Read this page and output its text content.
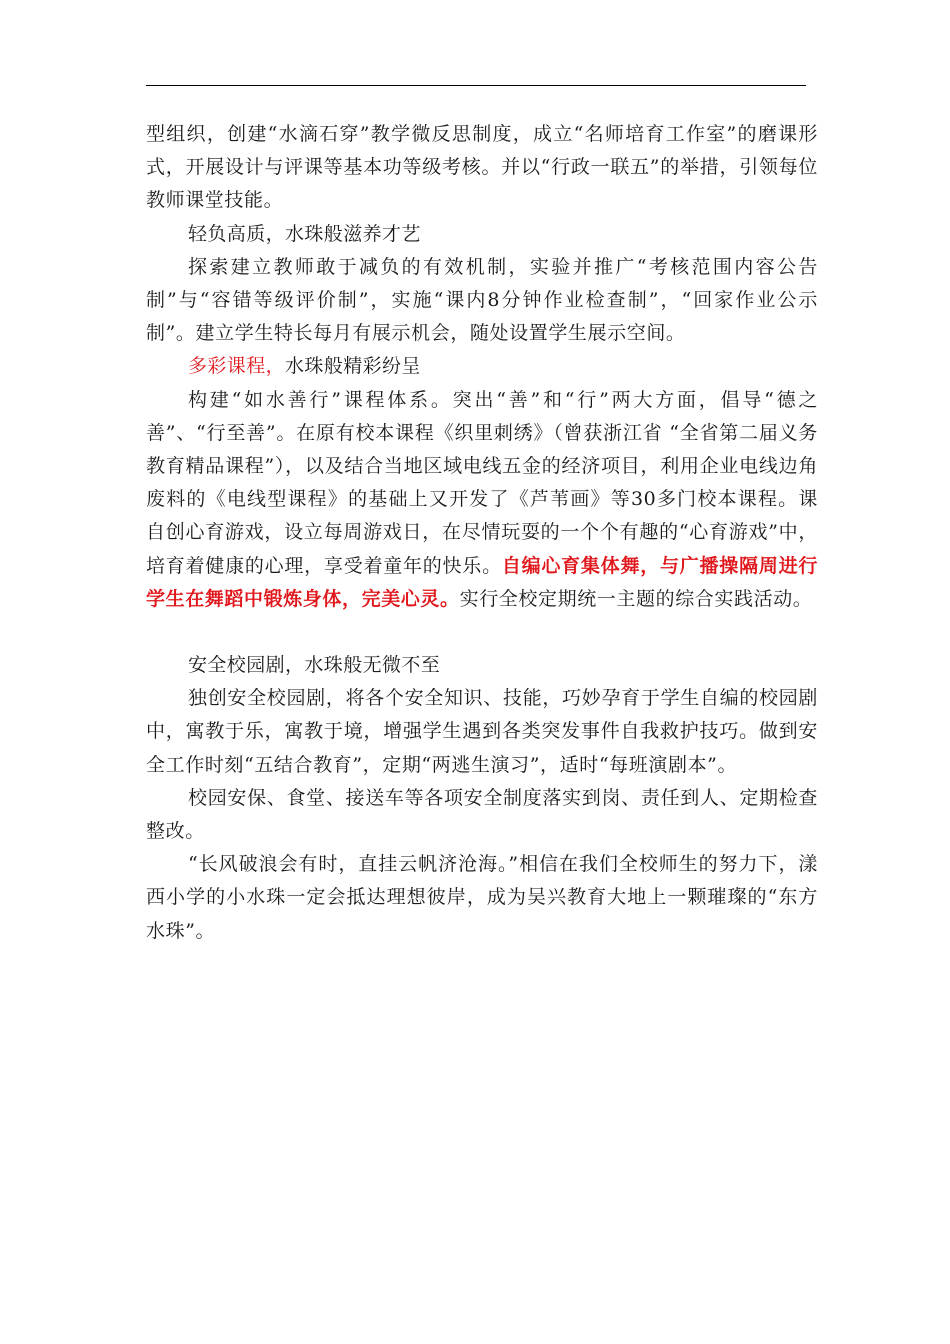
型组织，创建“水滴石穿”教学微反思制度，成立“名师培育工作室”的磨课形式，开展设计与评课等基本功等级考核。并以“行政一联五”的举措，引领每位教师课堂技能。

轻负高质，水珠般滋养才艺

探索建立教师敢于减负的有效机制，实验并推广“考核范围内容公告制”与“容错等级评价制”，实施“课内8分钟作业检查制”，“回家作业公示制”。建立学生特长每月有展示机会，随处设置学生展示空间。

多彩课程，水珠般精彩纷呈

构建“如水善行”课程体系。突出“善”和“行”两大方面，倡导“德之善”、“行至善”。在原有校本课程《织里刺绣》（曾获浙江省 “全省第二届义务教育精品课程”），以及结合当地区域电线五金的经济项目，利用企业电线边角废料的《电线型课程》的基础上又开发了《芦苇画》等30多门校本课程。课自创心育游戏，设立每周游戏日，在尽情玩耍的一个个有趣的“心育游戏”中，培育着健康的心理，享受着童年的快乐。自编心育集体舞，与广播操隔周进行学生在舞蹈中锻炼身体，完美心灵。实行全校定期统一主题的综合实践活动。

安全校园剧，水珠般无微不至

独创安全校园剧，将各个安全知识、技能，巧妙孕育于学生自编的校园剧中，寓教于乐，寓教于境，增强学生遇到各类突发事件自我救护技巧。做到安全工作时刻“五结合教育”，定期“两逃生演习”，适时“每班演剧本”。

校园安保、食堂、接送车等各项安全制度落实到岗、责任到人、定期检查整改。

“长风破浪会有时，直挂云帆济沧海。”相信在我们全校师生的努力下，漾西小学的小水珠一定会抵达理想彼岸，成为吴兴教育大地上一颗璀璨的“东方水珠”。
